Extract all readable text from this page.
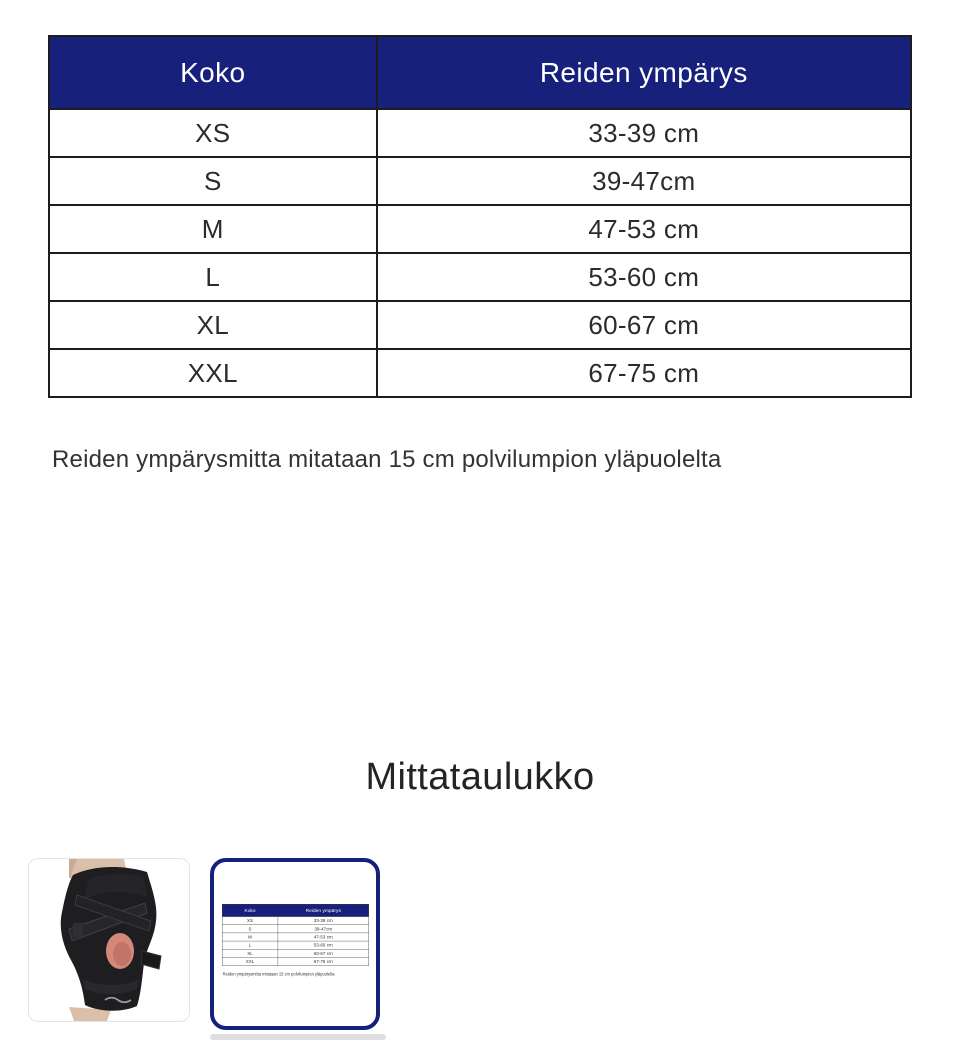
Koko	Reiden ympärys
XS	33-39 cm
S	39-47cm
M	47-53 cm
L	53-60 cm
XL	60-67 cm
XXL	67-75 cm

Reiden ympärysmitta mitataan 15 cm polvilumpion yläpuolelta

Mittataulukko
Koko	Reiden ympärys
XS	33-39 cm
S	39-47cm
M	47-53 cm
L	53-60 cm
XL	60-67 cm
XXL	67-75 cm

Reiden ympärysmitta mitataan 15 cm polvilumpion yläpuolelta
